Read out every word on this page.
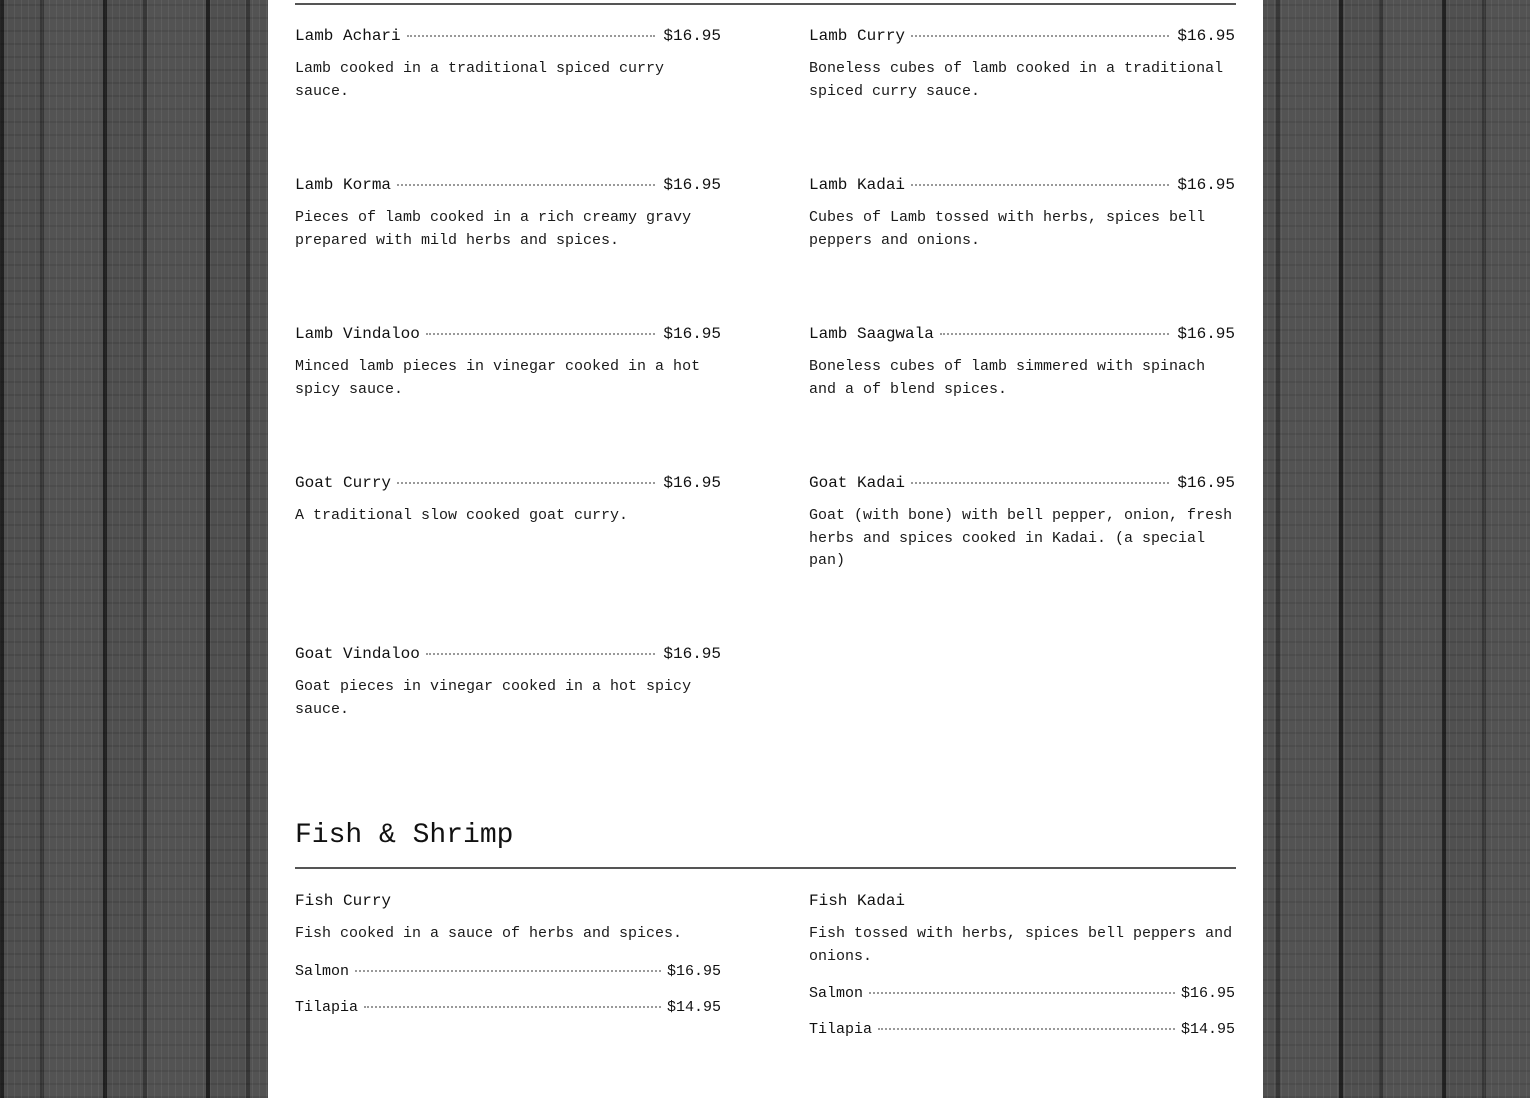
Lamb Achari	$16.95
Lamb cooked in a traditional spiced curry sauce.
Lamb Korma	$16.95
Pieces of lamb cooked in a rich creamy gravy prepared with mild herbs and spices.
Lamb Vindaloo	$16.95
Minced lamb pieces in vinegar cooked in a hot spicy sauce.
Goat Curry	$16.95
A traditional slow cooked goat curry.
Goat Vindaloo	$16.95
Goat pieces in vinegar cooked in a hot spicy sauce.
Lamb Curry	$16.95
Boneless cubes of lamb cooked in a traditional spiced curry sauce.
Lamb Kadai	$16.95
Cubes of Lamb tossed with herbs, spices bell peppers and onions.
Lamb Saagwala	$16.95
Boneless cubes of lamb simmered with spinach and a of blend spices.
Goat Kadai	$16.95
Goat (with bone) with bell pepper, onion, fresh herbs and spices cooked in Kadai. (a special pan)
Fish & Shrimp
Fish Curry
Fish cooked in a sauce of herbs and spices.
Salmon	$16.95
Tilapia	$14.95
Fish Kadai
Fish tossed with herbs, spices bell peppers and onions.
Salmon	$16.95
Tilapia	$14.95
